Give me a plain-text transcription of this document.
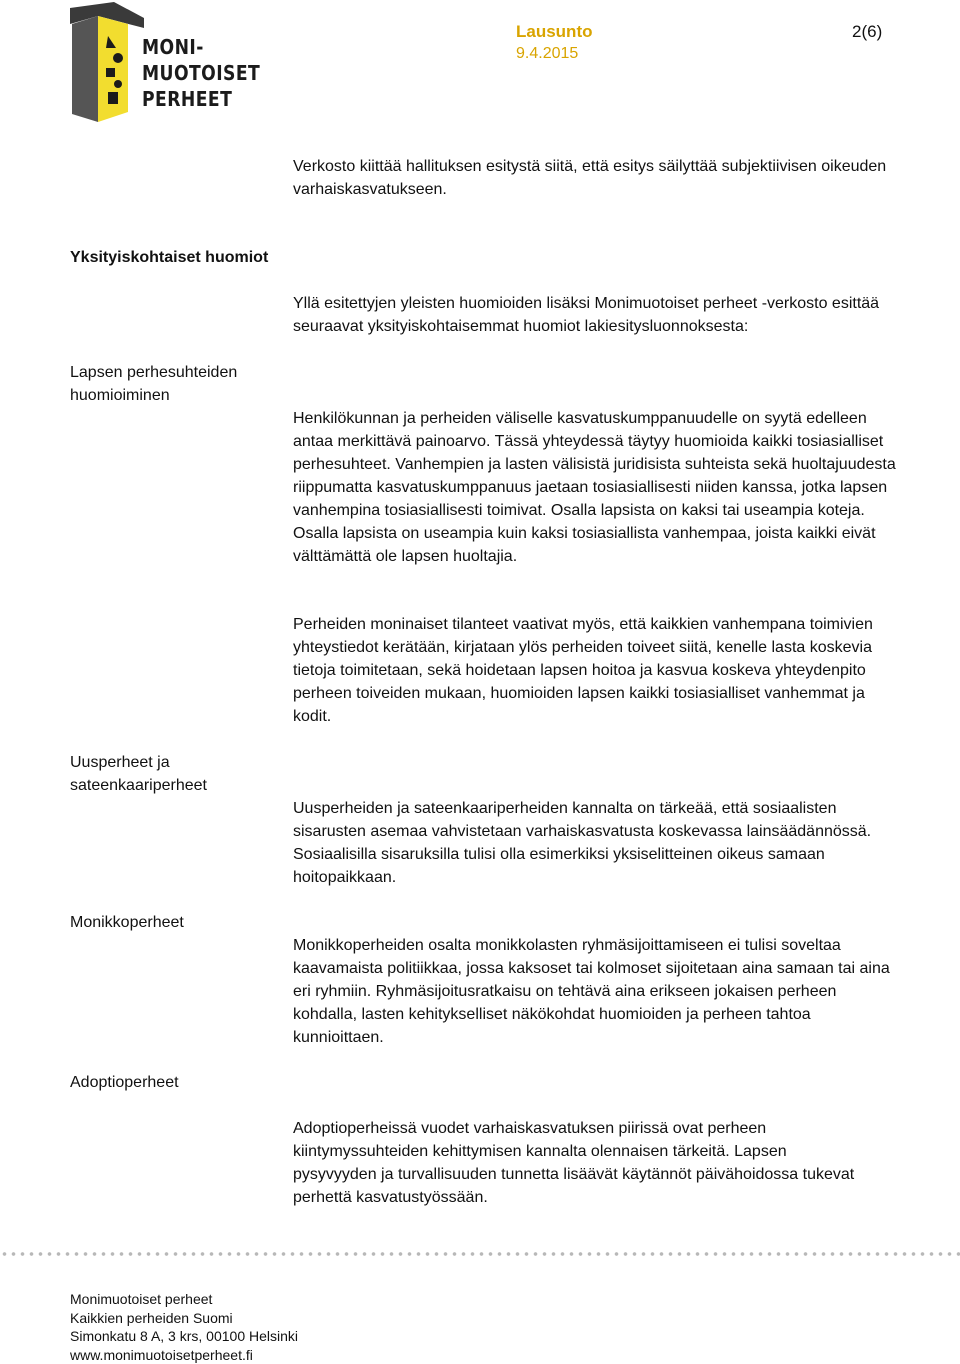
MONI-
MUOTOISET
PERHEET
Lausunto
9.4.2015
2(6)
Verkosto kiittää hallituksen esitystä siitä, että esitys säilyttää subjektiivisen oikeuden varhaiskasvatukseen.
Yksityiskohtaiset huomiot
Yllä esitettyjen yleisten huomioiden lisäksi Monimuotoiset perheet -verkosto esittää seuraavat yksityiskohtaisemmat huomiot lakiesitysluonnoksesta:
Lapsen perhesuhteiden huomioiminen
Henkilökunnan ja perheiden väliselle kasvatuskumppanuudelle on syytä edelleen antaa merkittävä painoarvo. Tässä yhteydessä täytyy huomioida kaikki tosiasialliset perhesuhteet. Vanhempien ja lasten välisistä juridisista suhteista sekä huoltajuudesta riippumatta kasvatuskumppanuus jaetaan tosiasiallisesti niiden kanssa, jotka lapsen vanhempina tosiasiallisesti toimivat. Osalla lapsista on kaksi tai useampia koteja. Osalla lapsista on useampia kuin kaksi tosiasiallista vanhempaa, joista kaikki eivät välttämättä ole lapsen huoltajia.
Perheiden moninaiset tilanteet vaativat myös, että kaikkien vanhempana toimivien yhteystiedot kerätään, kirjataan ylös perheiden toiveet siitä, kenelle lasta koskevia tietoja toimitetaan, sekä hoidetaan lapsen hoitoa ja kasvua koskeva yhteydenpito perheen toiveiden mukaan, huomioiden lapsen kaikki tosiasialliset vanhemmat ja kodit.
Uusperheet ja sateenkaariperheet
Uusperheiden ja sateenkaariperheiden kannalta on tärkeää, että sosiaalisten sisarusten asemaa vahvistetaan varhaiskasvatusta koskevassa lainsäädännössä. Sosiaalisilla sisaruksilla tulisi olla esimerkiksi yksiselitteinen oikeus samaan hoitopaikkaan.
Monikkoperheet
Monikkoperheiden osalta monikkolasten ryhmäsijoittamiseen ei tulisi soveltaa kaavamaista politiikkaa, jossa kaksoset tai kolmoset sijoitetaan aina samaan tai aina eri ryhmiin. Ryhmäsijoitusratkaisu on tehtävä aina erikseen jokaisen perheen kohdalla, lasten kehitykselliset näkökohdat huomioiden ja perheen tahtoa kunnioittaen.
Adoptioperheet
Adoptioperheissä vuodet varhaiskasvatuksen piirissä ovat perheen kiintymyssuhteiden kehittymisen kannalta olennaisen tärkeitä. Lapsen pysyvyyden ja turvallisuuden tunnetta lisäävät käytännöt päivähoidossa tukevat perhettä kasvatustyössään.
Monimuotoiset perheet
Kaikkien perheiden Suomi
Simonkatu 8 A, 3 krs, 00100 Helsinki
www.monimuotoisetperheet.fi
